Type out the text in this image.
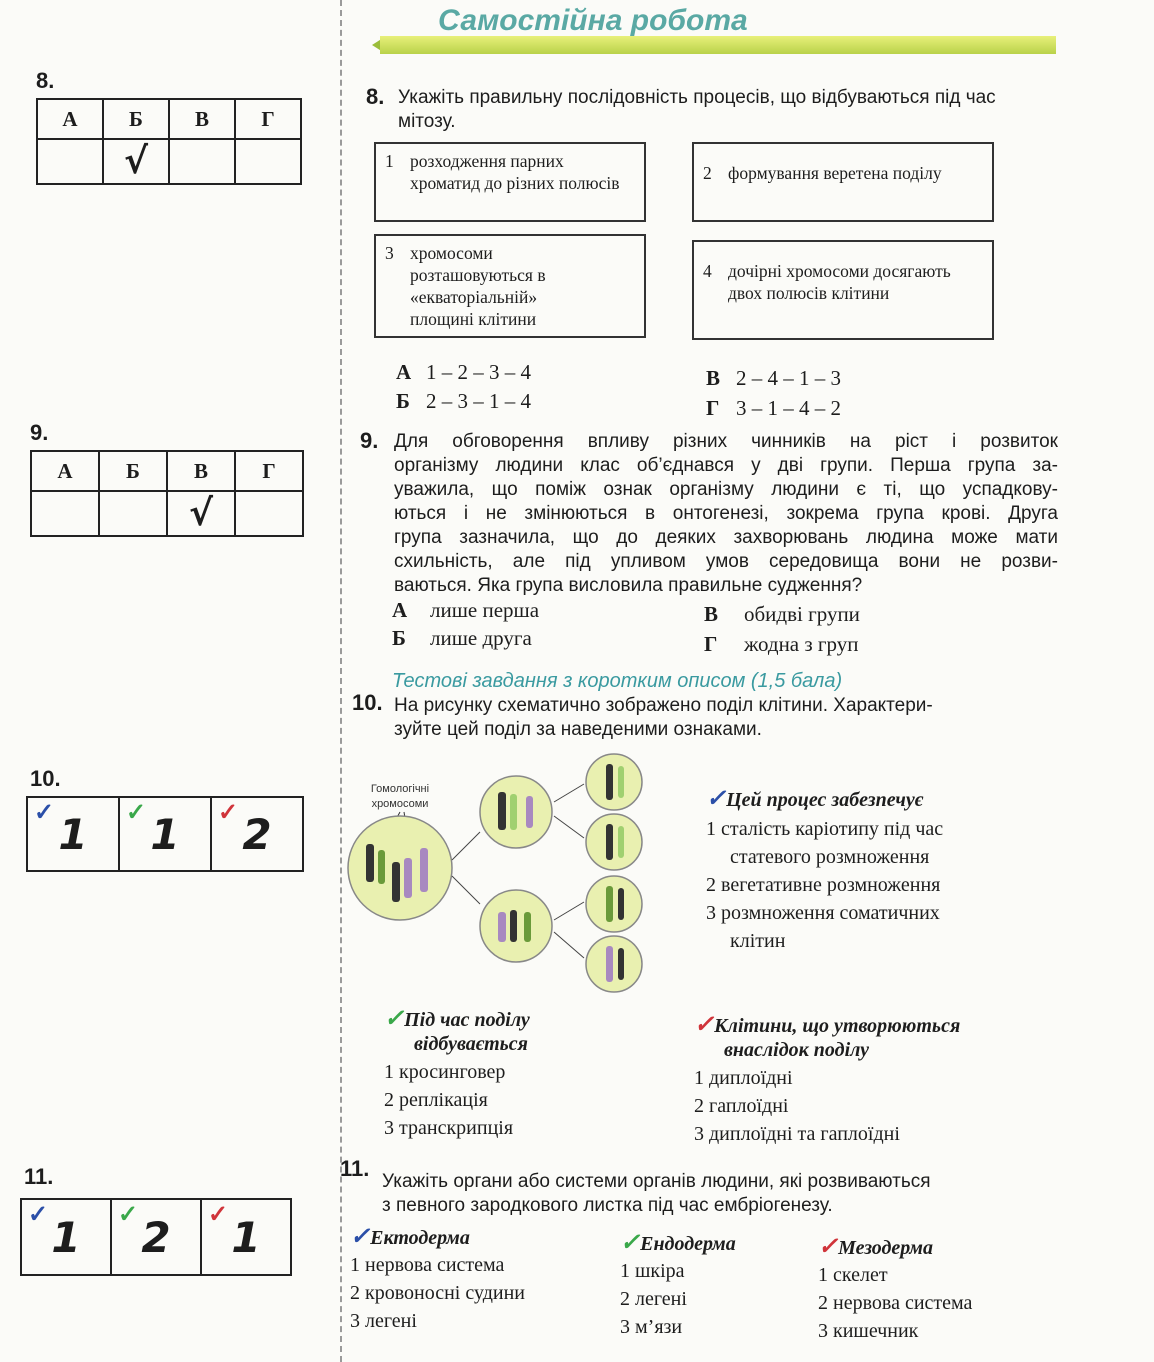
Самостійна робота
8.
А	Б	В	Г
	√		
9.
А	Б	В	Г
		√	
10.
✓ 1	✓ 1	✓ 2
11.
✓ 1	✓ 2	✓ 1
8. Укажіть правильну послідовність процесів, що відбуваються під час мітозу.
1 розходження парних хроматид до різних полюсів	2 формування веретена поділу
3 хромосоми розташовуються в «екваторіальній» площині клітини
4 дочірні хромосоми досягають двох полюсів клітини
А 1 – 2 – 3 – 4
Б 2 – 3 – 1 – 4
В 2 – 4 – 1 – 3
Г 3 – 1 – 4 – 2
9. Для обговорення впливу різних чинників на ріст і розвиток
організму людини клас об’єднався у дві групи. Перша група за-
уважила, що поміж ознак організму людини є ті, що успадкову-
ються і не змінюються в онтогенезі, зокрема група крові. Друга
група зазначила, що до деяких захворювань людина може мати
схильність, але під упливом умов середовища вони не розви-
ваються. Яка група висловила правильне судження?
А лише перша
Б лише друга
В обидві групи
Г жодна з груп
Тестові завдання з коротким описом (1,5 бала)
10. На рисунку схематично зображено поділ клітини. Характери-
зуйте цей поділ за наведеними ознаками.
Гомологічні
хромосоми	✓Цей процес забезпечує
1 сталість каріотипу під час
статевого розмноження
2 вегетативне розмноження
3 розмноження соматичних
клітин
✓Під час поділу
відбувається
1 кросинговер
2 реплікація
3 транскрипція
✓Клітини, що утворюються
внаслідок поділу
1 диплоїдні
2 гаплоїдні
3 диплоїдні та гаплоїдні
11.
Укажіть органи або системи органів людини, які розвиваються
з певного зародкового листка під час ембріогенезу.
✓Ектодерма
1 нервова система
2 кровоносні судини
3 легені
✓Ендодерма
1 шкіра
2 легені
3 м’язи
✓Мезодерма
1 скелет
2 нервова система
3 кишечник
